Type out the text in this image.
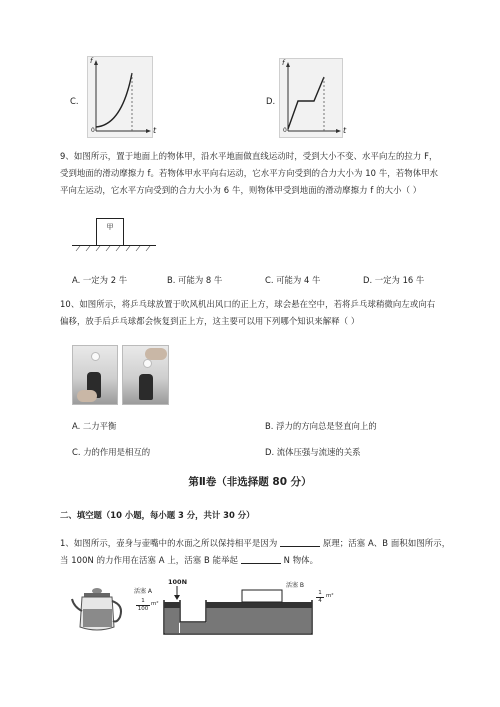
C.
f
0	t
D.
f
0	t
9、如图所示，置于地面上的物体甲，沿水平地面做直线运动时，受到大小不变、水平向左的拉力 F，
受到地面的滑动摩擦力 f。若物体甲水平向右运动，它水平方向受到的合力大小为 10 牛，若物体甲水
平向左运动，它水平方向受到的合力大小为 6 牛，则物体甲受到地面的滑动摩擦力 f 的大小（ ）
甲
A. 一定为 2 牛	B. 可能为 8 牛	C. 可能为 4 牛	D. 一定为 16 牛
10、如图所示，将乒乓球放置于吹风机出风口的正上方，球会悬在空中，若将乒乓球稍微向左或向右
偏移，放手后乒乓球都会恢复到正上方，这主要可以用下列哪个知识来解释（ ）
A. 二力平衡	B. 浮力的方向总是竖直向上的
C. 力的作用是相互的	D. 流体压强与流速的关系
第Ⅱ卷（非选择题 80 分）
二、填空题（10 小题，每小题 3 分，共计 30 分）
1、如图所示，壶身与壶嘴中的水面之所以保持相平是因为	原理；活塞 A、B 面积如图所示，
当 100N 的力作用在活塞 A 上，活塞 B 能举起	N 物体。
100N
活塞 A
$\frac{1}{100} m^2$
活塞 B
$\frac{1}{4} m^2$
